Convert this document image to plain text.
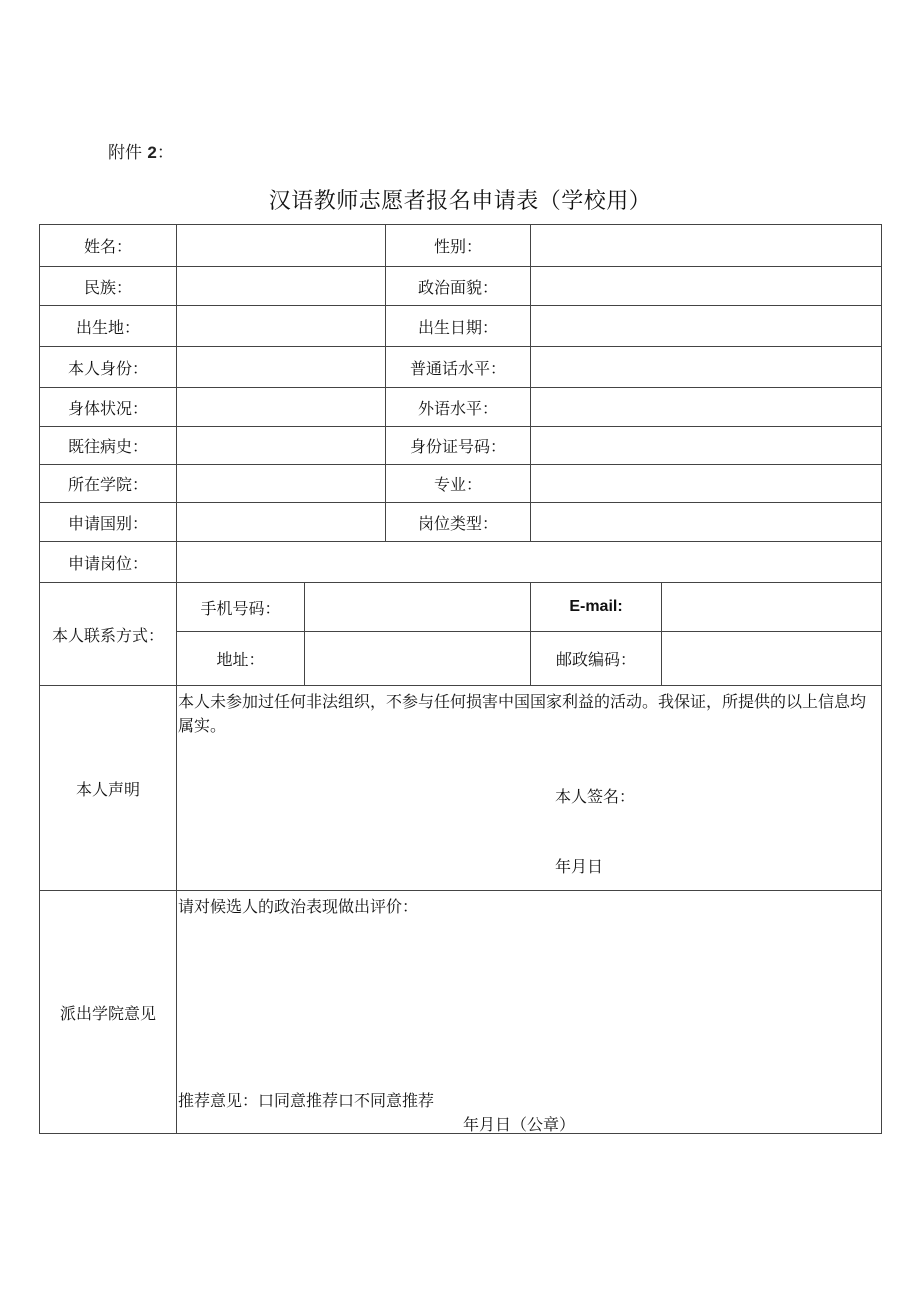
附件 2：
汉语教师志愿者报名申请表（学校用）
姓名：			性别：		
民族：			政治面貌：		
出生地：			出生日期：		
本人身份：			普通话水平：		
身体状况：			外语水平：		
既往病史：			身份证号码：		
所在学院：			专业：		
申请国别：			岗位类型：		
申请岗位：					
本人联系方式：	手机号码：			E-mail:	
	地址：			邮政编码：	
本人声明	本人未参加过任何非法组织，不参与任何损害中国国家利益的活动。我保证，所提供的以上信息均属实。
本人签名：
年月日				

派出学院意见	请对候选人的政治表现做出评价：
推荐意见：口同意推荐口不同意推荐
年月日（公章）				
